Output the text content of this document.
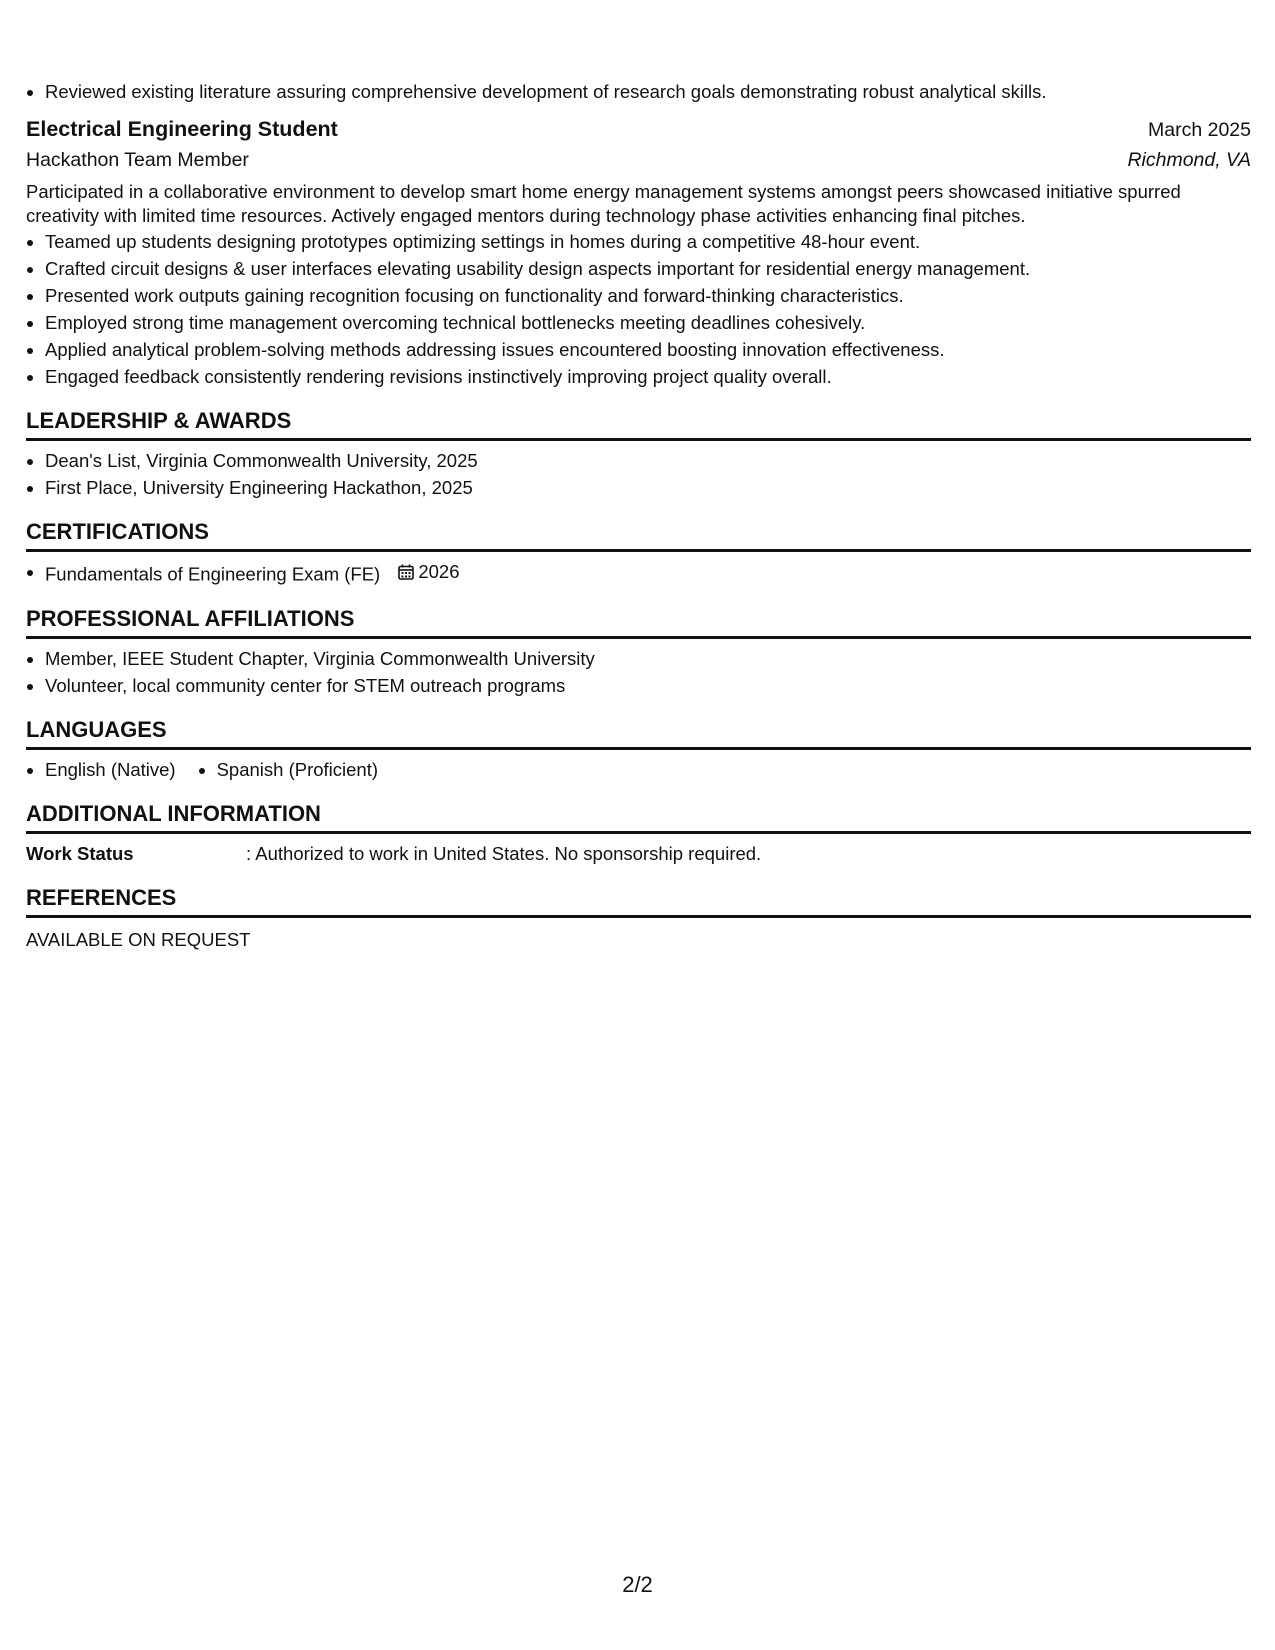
Reviewed existing literature assuring comprehensive development of research goals demonstrating robust analytical skills.
Electrical Engineering Student	March 2025
Hackathon Team Member	Richmond, VA

Participated in a collaborative environment to develop smart home energy management systems amongst peers showcased initiative spurred creativity with limited time resources. Actively engaged mentors during technology phase activities enhancing final pitches.

Teamed up students designing prototypes optimizing settings in homes during a competitive 48-hour event.
Crafted circuit designs & user interfaces elevating usability design aspects important for residential energy management.
Presented work outputs gaining recognition focusing on functionality and forward-thinking characteristics.
Employed strong time management overcoming technical bottlenecks meeting deadlines cohesively.
Applied analytical problem-solving methods addressing issues encountered boosting innovation effectiveness.
Engaged feedback consistently rendering revisions instinctively improving project quality overall.
LEADERSHIP & AWARDS
Dean's List, Virginia Commonwealth University, 2025
First Place, University Engineering Hackathon, 2025
CERTIFICATIONS
Fundamentals of Engineering Exam (FE) 2026
PROFESSIONAL AFFILIATIONS
Member, IEEE Student Chapter, Virginia Commonwealth University
Volunteer, local community center for STEM outreach programs
LANGUAGES
English (Native)	Spanish (Proficient)
ADDITIONAL INFORMATION
Work Status	: Authorized to work in United States. No sponsorship required.
REFERENCES
AVAILABLE ON REQUEST
2/2
